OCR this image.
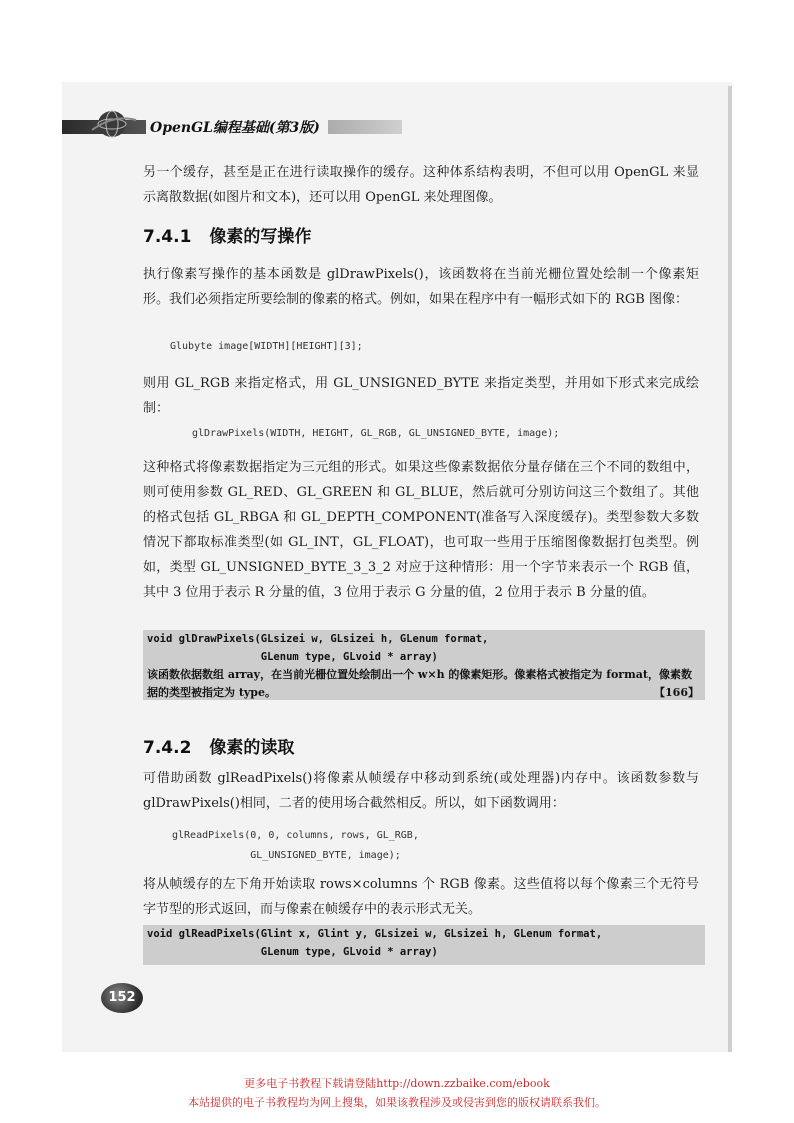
OpenGL编程基础(第3版)

另一个缓存，甚至是正在进行读取操作的缓存。这种体系结构表明，不但可以用 OpenGL 来显示离散数据(如图片和文本)，还可以用 OpenGL 来处理图像。

7.4.1 像素的写操作

执行像素写操作的基本函数是 glDrawPixels()，该函数将在当前光栅位置处绘制一个像素矩形。我们必须指定所要绘制的像素的格式。例如，如果在程序中有一幅形式如下的 RGB 图像：

Glubyte image[WIDTH][HEIGHT][3];

则用 GL_RGB 来指定格式，用 GL_UNSIGNED_BYTE 来指定类型，并用如下形式来完成绘制：

glDrawPixels(WIDTH, HEIGHT, GL_RGB, GL_UNSIGNED_BYTE, image);

这种格式将像素数据指定为三元组的形式。如果这些像素数据依分量存储在三个不同的数组中，则可使用参数 GL_RED、GL_GREEN 和 GL_BLUE，然后就可分别访问这三个数组了。其他的格式包括 GL_RBGA 和 GL_DEPTH_COMPONENT(准备写入深度缓存)。类型参数大多数情况下都取标准类型(如 GL_INT，GL_FLOAT)，也可取一些用于压缩图像数据打包类型。例如，类型 GL_UNSIGNED_BYTE_3_3_2 对应于这种情形：用一个字节来表示一个 RGB 值，其中 3 位用于表示 R 分量的值，3 位用于表示 G 分量的值，2 位用于表示 B 分量的值。

void glDrawPixels(GLsizei w, GLsizei h, GLenum format,
GLenum type, GLvoid * array)
该函数依据数组 array，在当前光栅位置处绘制出一个 w×h 的像素矩形。像素格式被指定为 format，像素数据的类型被指定为 type。	【166】
7.4.2 像素的读取

可借助函数 glReadPixels()将像素从帧缓存中移动到系统(或处理器)内存中。该函数参数与 glDrawPixels()相同，二者的使用场合截然相反。所以，如下函数调用：

glReadPixels(0, 0, columns, rows, GL_RGB,
GL_UNSIGNED_BYTE, image);

将从帧缓存的左下角开始读取 rows×columns 个 RGB 像素。这些值将以每个像素三个无符号字节型的形式返回，而与像素在帧缓存中的表示形式无关。

void glReadPixels(Glint x, Glint y, GLsizei w, GLsizei h, GLenum format,
GLenum type, GLvoid * array)
152
更多电子书教程下载请登陆http://down.zzbaike.com/ebook
本站提供的电子书教程均为网上搜集，如果该教程涉及或侵害到您的版权请联系我们。
